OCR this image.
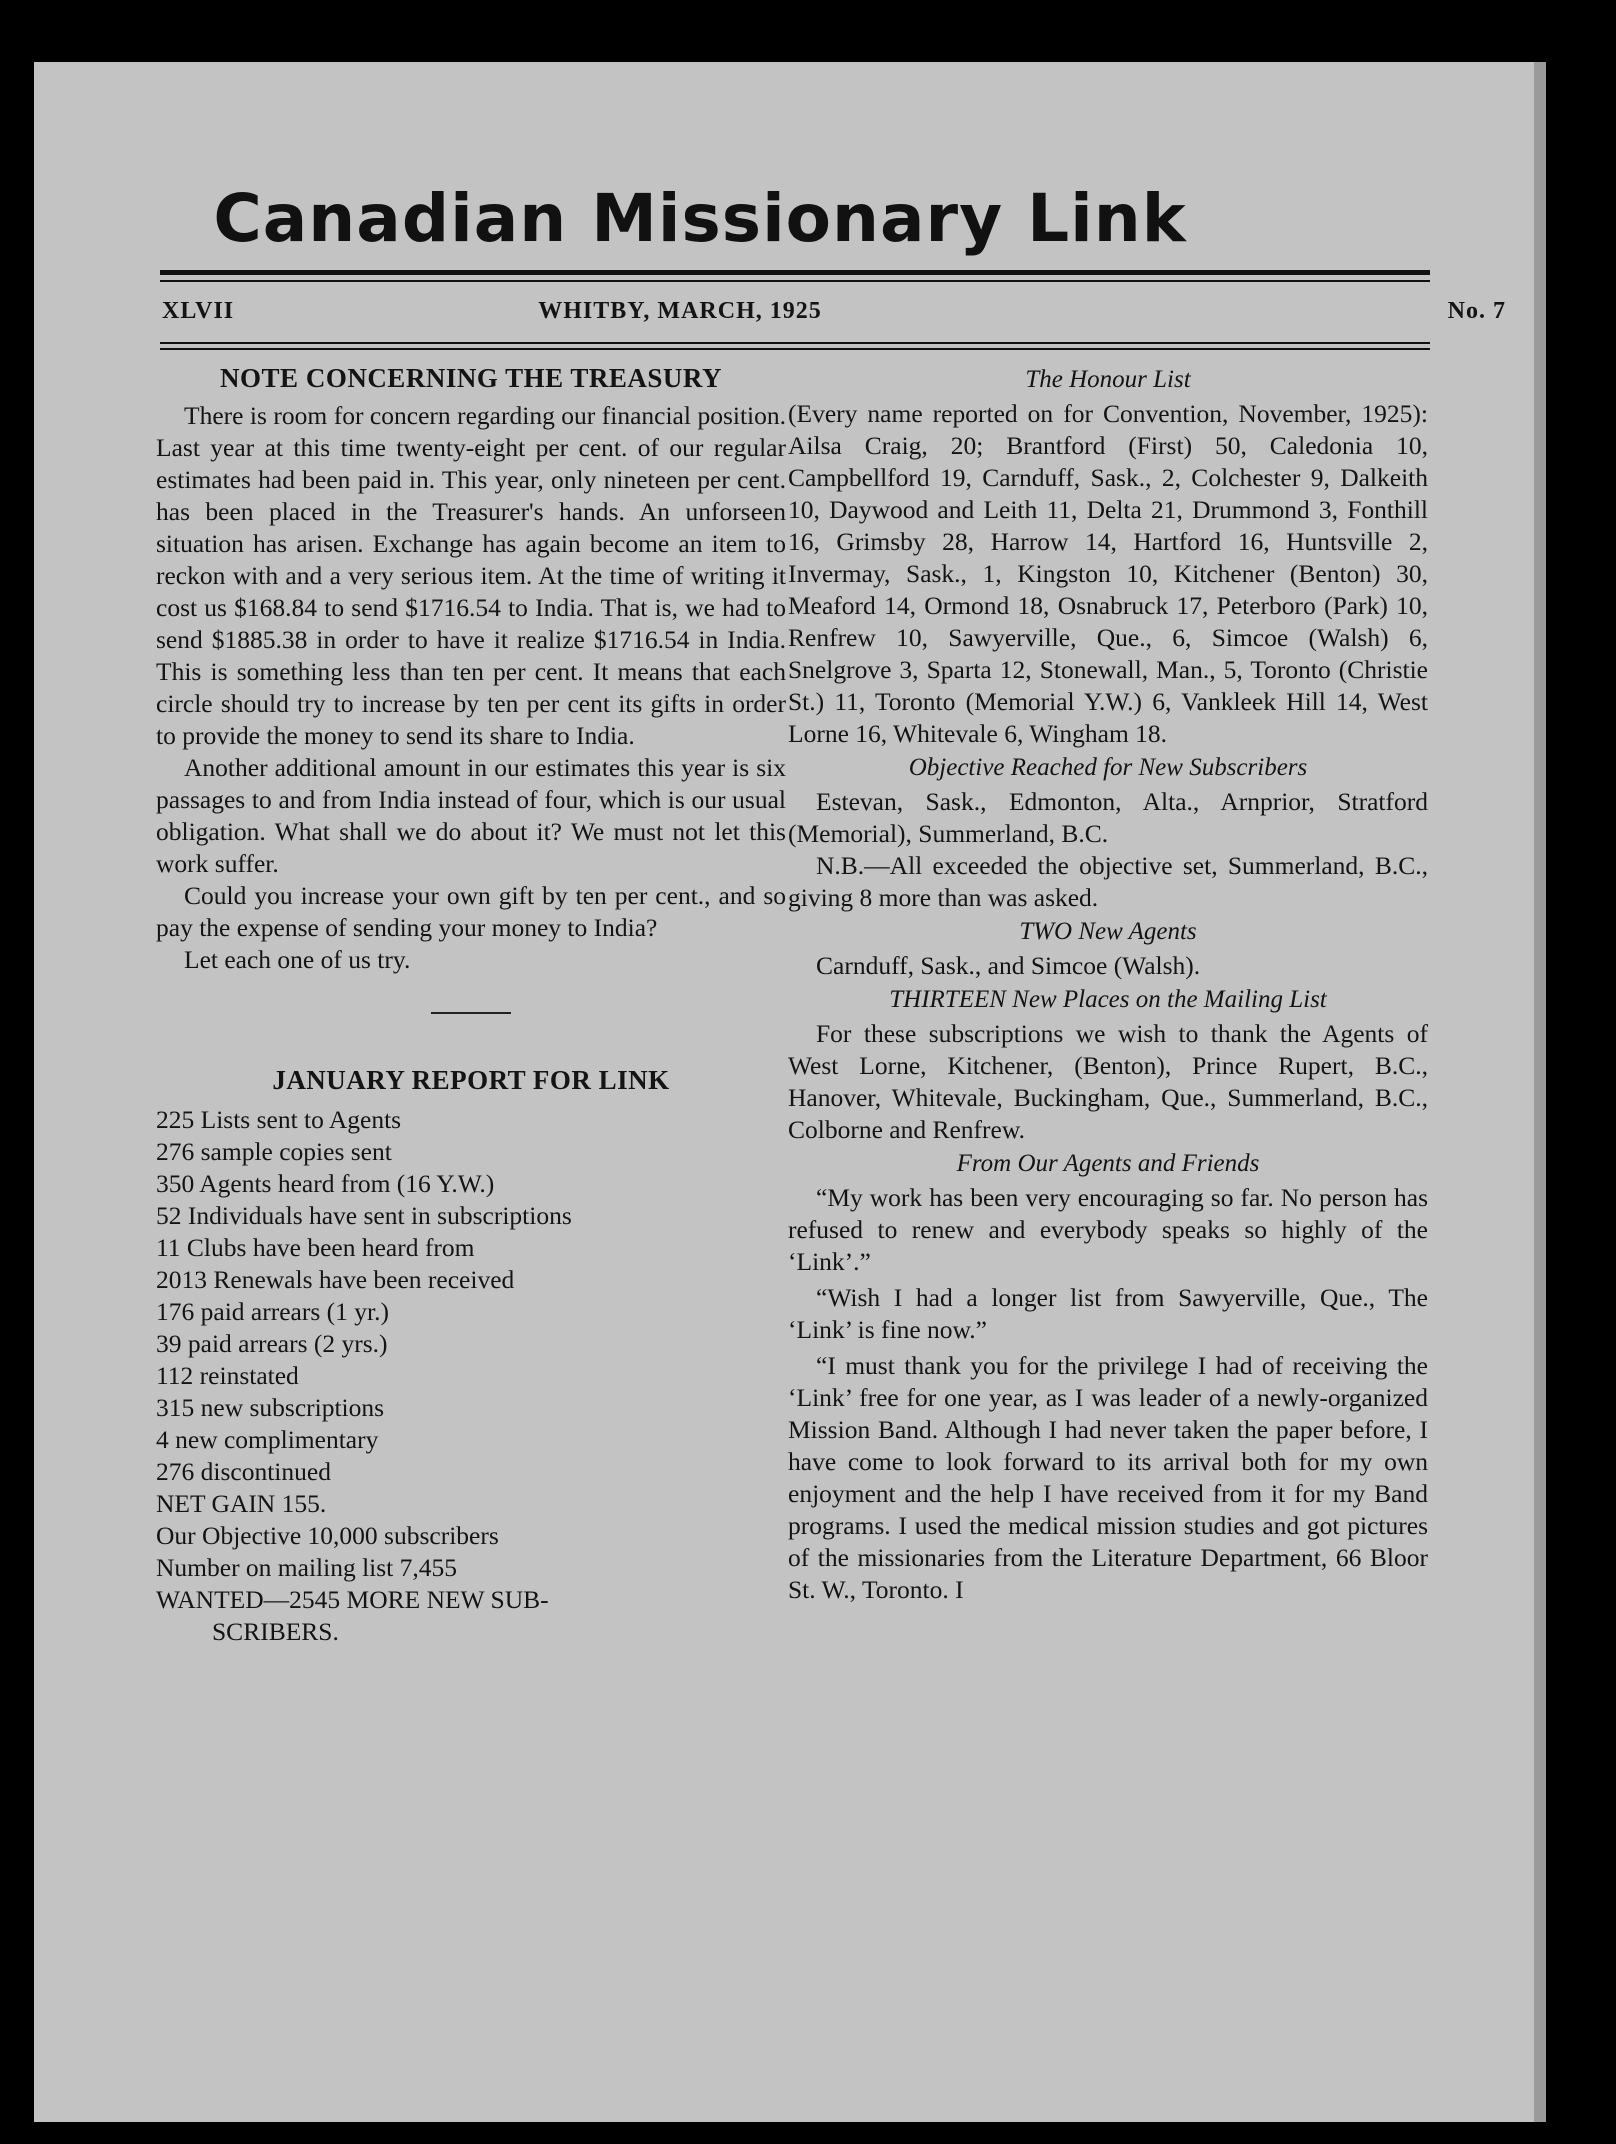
Canadian Missionary Link
XLVII	WHITBY, MARCH, 1925	No. 7
NOTE CONCERNING THE TREASURY

There is room for concern regarding our financial position. Last year at this time twenty-eight per cent. of our regular estimates had been paid in. This year, only nineteen per cent. has been placed in the Treasurer's hands. An unforseen situation has arisen. Exchange has again become an item to reckon with and a very serious item. At the time of writing it cost us $168.84 to send $1716.54 to India. That is, we had to send $1885.38 in order to have it realize $1716.54 in India. This is something less than ten per cent. It means that each circle should try to increase by ten per cent its gifts in order to provide the money to send its share to India.

Another additional amount in our estimates this year is six passages to and from India instead of four, which is our usual obligation. What shall we do about it? We must not let this work suffer.

Could you increase your own gift by ten per cent., and so pay the expense of sending your money to India?

Let each one of us try.

JANUARY REPORT FOR LINK
225 Lists sent to Agents
276 sample copies sent
350 Agents heard from (16 Y.W.)
52 Individuals have sent in subscriptions
11 Clubs have been heard from
2013 Renewals have been received
176 paid arrears (1 yr.)
39 paid arrears (2 yrs.)
112 reinstated
315 new subscriptions
4 new complimentary
276 discontinued
NET GAIN 155.
Our Objective 10,000 subscribers
Number on mailing list 7,455

WANTED—2545 MORE NEW SUB-

SCRIBERS.

The Honour List

(Every name reported on for Convention, November, 1925): Ailsa Craig, 20; Brantford (First) 50, Caledonia 10, Campbellford 19, Carnduff, Sask., 2, Colchester 9, Dalkeith 10, Daywood and Leith 11, Delta 21, Drummond 3, Fonthill 16, Grimsby 28, Harrow 14, Hartford 16, Huntsville 2, Invermay, Sask., 1, Kingston 10, Kitchener (Benton) 30, Meaford 14, Ormond 18, Osnabruck 17, Peterboro (Park) 10, Renfrew 10, Sawyerville, Que., 6, Simcoe (Walsh) 6, Snelgrove 3, Sparta 12, Stonewall, Man., 5, Toronto (Christie St.) 11, Toronto (Memorial Y.W.) 6, Vankleek Hill 14, West Lorne 16, Whitevale 6, Wingham 18.

Objective Reached for New Subscribers

Estevan, Sask., Edmonton, Alta., Arnprior, Stratford (Memorial), Summerland, B.C.

N.B.—All exceeded the objective set, Summerland, B.C., giving 8 more than was asked.

TWO New Agents

Carnduff, Sask., and Simcoe (Walsh).

THIRTEEN New Places on the Mailing List

For these subscriptions we wish to thank the Agents of West Lorne, Kitchener, (Benton), Prince Rupert, B.C., Hanover, Whitevale, Buckingham, Que., Summerland, B.C., Colborne and Renfrew.

From Our Agents and Friends

“My work has been very encouraging so far. No person has refused to renew and everybody speaks so highly of the ‘Link’.”

“Wish I had a longer list from Sawyerville, Que., The ‘Link’ is fine now.”

“I must thank you for the privilege I had of receiving the ‘Link’ free for one year, as I was leader of a newly-organized Mission Band. Although I had never taken the paper before, I have come to look forward to its arrival both for my own enjoyment and the help I have received from it for my Band programs. I used the medical mission studies and got pictures of the missionaries from the Literature Department, 66 Bloor St. W., Toronto. I
